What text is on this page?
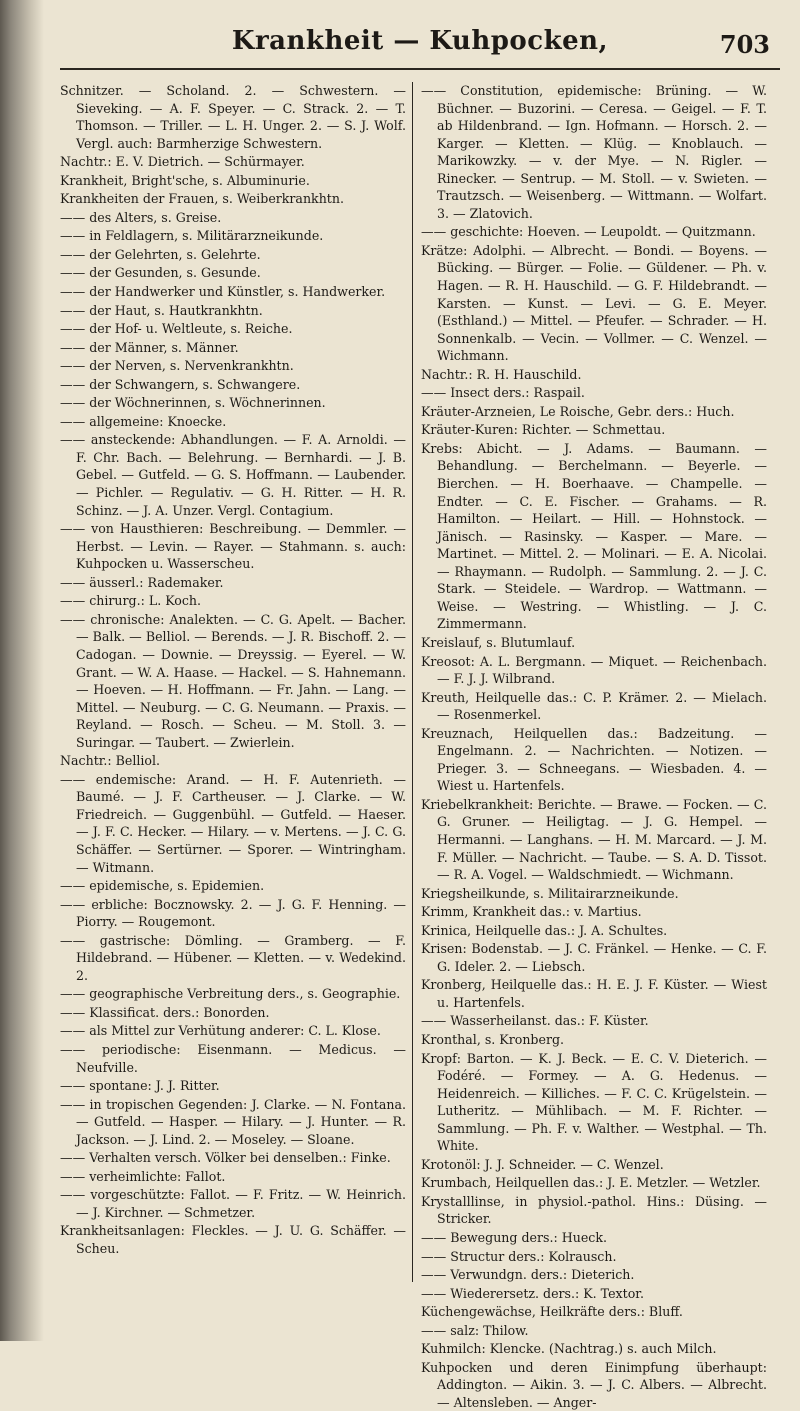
Krankheit — Kuhpocken,	703

Schnitzer. — Scholand. 2. — Schwestern. — Sieveking. — A. F. Speyer. — C. Strack. 2. — T. Thomson. — Triller. — L. H. Unger. 2. — S. J. Wolf. Vergl. auch: Barmherzige Schwestern.

Nachtr.: E. V. Dietrich. — Schürmayer.

Krankheit, Bright'sche, s. Albuminurie.

Krankheiten der Frauen, s. Weiberkrankhtn.

—— des Alters, s. Greise.

—— in Feldlagern, s. Militärarzneikunde.

—— der Gelehrten, s. Gelehrte.

—— der Gesunden, s. Gesunde.

—— der Handwerker und Künstler, s. Handwerker.

—— der Haut, s. Hautkrankhtn.

—— der Hof- u. Weltleute, s. Reiche.

—— der Männer, s. Männer.

—— der Nerven, s. Nervenkrankhtn.

—— der Schwangern, s. Schwangere.

—— der Wöchnerinnen, s. Wöchnerinnen.

—— allgemeine: Knoecke.

—— ansteckende: Abhandlungen. — F. A. Arnoldi. — F. Chr. Bach. — Belehrung. — Bernhardi. — J. B. Gebel. — Gutfeld. — G. S. Hoffmann. — Laubender. — Pichler. — Regulativ. — G. H. Ritter. — H. R. Schinz. — J. A. Unzer. Vergl. Contagium.

—— von Hausthieren: Beschreibung. — Demmler. — Herbst. — Levin. — Rayer. — Stahmann. s. auch: Kuhpocken u. Wasserscheu.

—— äusserl.: Rademaker.

—— chirurg.: L. Koch.

—— chronische: Analekten. — C. G. Apelt. — Bacher. — Balk. — Belliol. — Berends. — J. R. Bischoff. 2. — Cadogan. — Downie. — Dreyssig. — Eyerel. — W. Grant. — W. A. Haase. — Hackel. — S. Hahnemann. — Hoeven. — H. Hoffmann. — Fr. Jahn. — Lang. — Mittel. — Neuburg. — C. G. Neumann. — Praxis. — Reyland. — Rosch. — Scheu. — M. Stoll. 3. — Suringar. — Taubert. — Zwierlein.

Nachtr.: Belliol.

—— endemische: Arand. — H. F. Autenrieth. — Baumé. — J. F. Cartheuser. — J. Clarke. — W. Friedreich. — Guggenbühl. — Gutfeld. — Haeser. — J. F. C. Hecker. — Hilary. — v. Mertens. — J. C. G. Schäffer. — Sertürner. — Sporer. — Wintringham. — Witmann.

—— epidemische, s. Epidemien.

—— erbliche: Bocznowsky. 2. — J. G. F. Henning. — Piorry. — Rougemont.

—— gastrische: Dömling. — Gramberg. — F. Hildebrand. — Hübener. — Kletten. — v. Wedekind. 2.

—— geographische Verbreitung ders., s. Geographie.

—— Klassificat. ders.: Bonorden.

—— als Mittel zur Verhütung anderer: C. L. Klose.

—— periodische: Eisenmann. — Medicus. — Neufville.

—— spontane: J. J. Ritter.

—— in tropischen Gegenden: J. Clarke. — N. Fontana. — Gutfeld. — Hasper. — Hilary. — J. Hunter. — R. Jackson. — J. Lind. 2. — Moseley. — Sloane.

—— Verhalten versch. Völker bei denselben.: Finke.

—— verheimlichte: Fallot.

—— vorgeschützte: Fallot. — F. Fritz. — W. Heinrich. — J. Kirchner. — Schmetzer.

Krankheitsanlagen: Fleckles. — J. U. G. Schäffer. — Scheu.

—— Constitution, epidemische: Brüning. — W. Büchner. — Buzorini. — Ceresa. — Geigel. — F. T. ab Hildenbrand. — Ign. Hofmann. — Horsch. 2. — Karger. — Kletten. — Klüg. — Knoblauch. — Marikowzky. — v. der Mye. — N. Rigler. — Rinecker. — Sentrup. — M. Stoll. — v. Swieten. — Trautzsch. — Weisenberg. — Wittmann. — Wolfart. 3. — Zlatovich.

—— geschichte: Hoeven. — Leupoldt. — Quitzmann.

Krätze: Adolphi. — Albrecht. — Bondi. — Boyens. — Bücking. — Bürger. — Folie. — Güldener. — Ph. v. Hagen. — R. H. Hauschild. — G. F. Hildebrandt. — Karsten. — Kunst. — Levi. — G. E. Meyer. (Esthland.) — Mittel. — Pfeufer. — Schrader. — H. Sonnenkalb. — Vecin. — Vollmer. — C. Wenzel. — Wichmann.

Nachtr.: R. H. Hauschild.

—— Insect ders.: Raspail.

Kräuter-Arzneien, Le Roische, Gebr. ders.: Huch.

Kräuter-Kuren: Richter. — Schmettau.

Krebs: Abicht. — J. Adams. — Baumann. — Behandlung. — Berchelmann. — Beyerle. — Bierchen. — H. Boerhaave. — Champelle. — Endter. — C. E. Fischer. — Grahams. — R. Hamilton. — Heilart. — Hill. — Hohnstock. — Jänisch. — Rasinsky. — Kasper. — Mare. — Martinet. — Mittel. 2. — Molinari. — E. A. Nicolai. — Rhaymann. — Rudolph. — Sammlung. 2. — J. C. Stark. — Steidele. — Wardrop. — Wattmann. — Weise. — Westring. — Whistling. — J. C. Zimmermann.

Kreislauf, s. Blutumlauf.

Kreosot: A. L. Bergmann. — Miquet. — Reichenbach. — F. J. J. Wilbrand.

Kreuth, Heilquelle das.: C. P. Krämer. 2. — Mielach. — Rosenmerkel.

Kreuznach, Heilquellen das.: Badzeitung. — Engelmann. 2. — Nachrichten. — Notizen. — Prieger. 3. — Schneegans. — Wiesbaden. 4. — Wiest u. Hartenfels.

Kriebelkrankheit: Berichte. — Brawe. — Focken. — C. G. Gruner. — Heiligtag. — J. G. Hempel. — Hermanni. — Langhans. — H. M. Marcard. — J. M. F. Müller. — Nachricht. — Taube. — S. A. D. Tissot. — R. A. Vogel. — Waldschmiedt. — Wichmann.

Kriegsheilkunde, s. Militairarzneikunde.

Krimm, Krankheit das.: v. Martius.

Krinica, Heilquelle das.: J. A. Schultes.

Krisen: Bodenstab. — J. C. Fränkel. — Henke. — C. F. G. Ideler. 2. — Liebsch.

Kronberg, Heilquelle das.: H. E. J. F. Küster. — Wiest u. Hartenfels.

—— Wasserheilanst. das.: F. Küster.

Kronthal, s. Kronberg.

Kropf: Barton. — K. J. Beck. — E. C. V. Dieterich. — Fodéré. — Formey. — A. G. Hedenus. — Heidenreich. — Killiches. — F. C. C. Krügelstein. — Lutheritz. — Mühlibach. — M. F. Richter. — Sammlung. — Ph. F. v. Walther. — Westphal. — Th. White.

Krotonöl: J. J. Schneider. — C. Wenzel.

Krumbach, Heilquellen das.: J. E. Metzler. — Wetzler.

Krystalllinse, in physiol.-pathol. Hins.: Düsing. — Stricker.

—— Bewegung ders.: Hueck.

—— Structur ders.: Kolrausch.

—— Verwundgn. ders.: Dieterich.

—— Wiederersetz. ders.: K. Textor.

Küchengewächse, Heilkräfte ders.: Bluff.

—— salz: Thilow.

Kuhmilch: Klencke. (Nachtrag.) s. auch Milch.

Kuhpocken und deren Einimpfung überhaupt: Addington. — Aikin. 3. — J. C. Albers. — Albrecht. — Altensleben. — Anger-
